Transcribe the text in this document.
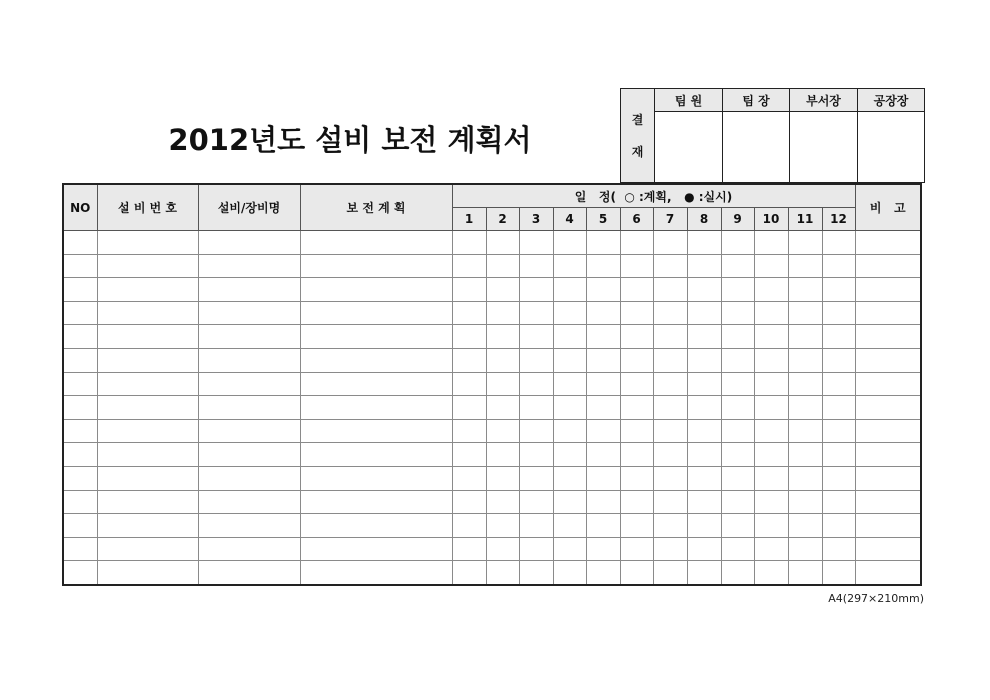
2012년도 설비 보전 계획서
결
재	팀 원	팀 장	부서장	공장장

NO	설 비 번 호	설비/장비명	보 전 계 획	일   정(  ○ :계획,   ● :실시)												비   고
				1	2	3	4	5	6	7	8	9	10	11	12	

A4(297×210mm)
